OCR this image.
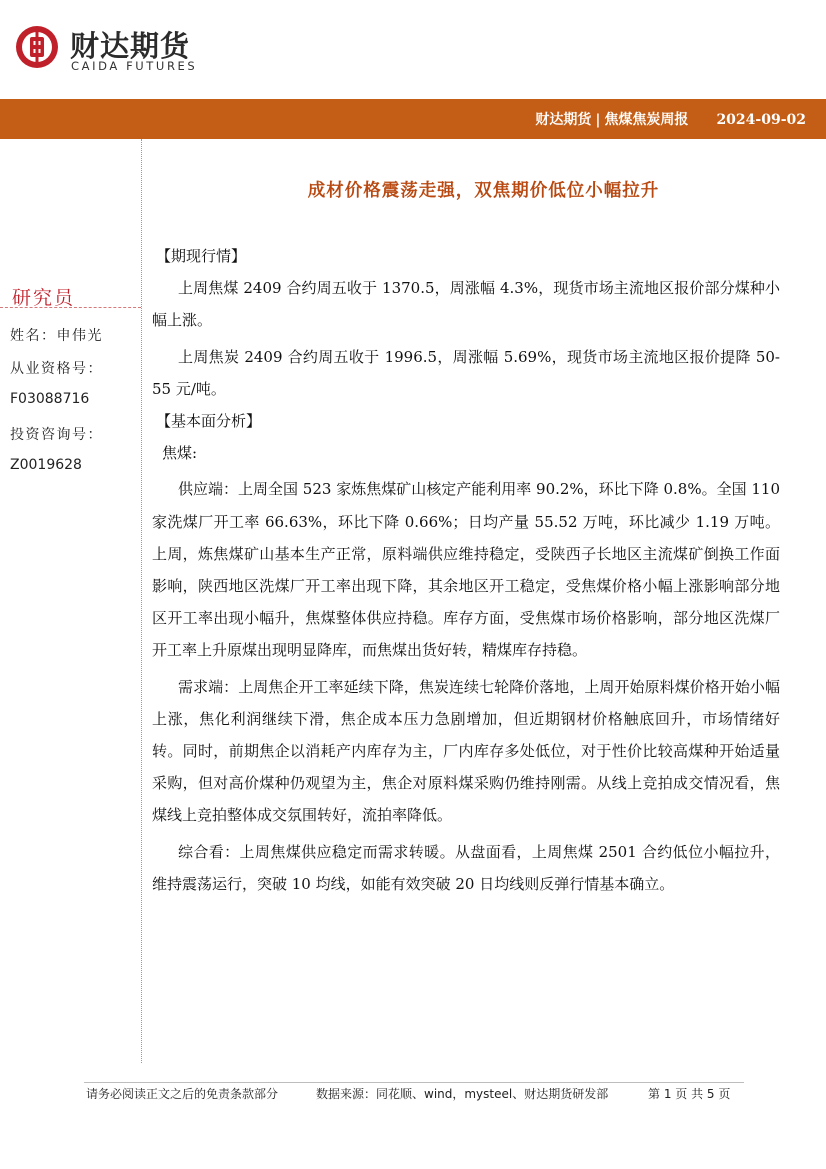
财达期货
CAIDA FUTURES
财达期货 | 焦煤焦炭周报 2024-09-02
研究员
姓名：申伟光
从业资格号：
F03088716
投资咨询号：
Z0019628
成材价格震荡走强，双焦期价低位小幅拉升

【期现行情】

上周焦煤 2409 合约周五收于 1370.5，周涨幅 4.3%，现货市场主流地区报价部分煤种小幅上涨。

上周焦炭 2409 合约周五收于 1996.5，周涨幅 5.69%，现货市场主流地区报价提降 50-55 元/吨。

【基本面分析】

焦煤:

供应端：上周全国 523 家炼焦煤矿山核定产能利用率 90.2%，环比下降 0.8%。全国 110 家洗煤厂开工率 66.63%，环比下降 0.66%；日均产量 55.52 万吨，环比减少 1.19 万吨。上周，炼焦煤矿山基本生产正常，原料端供应维持稳定，受陕西子长地区主流煤矿倒换工作面影响，陕西地区洗煤厂开工率出现下降，其余地区开工稳定，受焦煤价格小幅上涨影响部分地区开工率出现小幅升，焦煤整体供应持稳。库存方面，受焦煤市场价格影响，部分地区洗煤厂开工率上升原煤出现明显降库，而焦煤出货好转，精煤库存持稳。

需求端：上周焦企开工率延续下降，焦炭连续七轮降价落地，上周开始原料煤价格开始小幅上涨，焦化利润继续下滑，焦企成本压力急剧增加，但近期钢材价格触底回升，市场情绪好转。同时，前期焦企以消耗产内库存为主，厂内库存多处低位，对于性价比较高煤种开始适量采购，但对高价煤种仍观望为主，焦企对原料煤采购仍维持刚需。从线上竞拍成交情况看，焦煤线上竞拍整体成交氛围转好，流拍率降低。

综合看：上周焦煤供应稳定而需求转暖。从盘面看，上周焦煤 2501 合约低位小幅拉升，维持震荡运行，突破 10 均线，如能有效突破 20 日均线则反弹行情基本确立。

请务必阅读正文之后的免责条款部分	数据来源：同花顺、wind，mysteel、财达期货研发部	第 1 页 共 5 页
